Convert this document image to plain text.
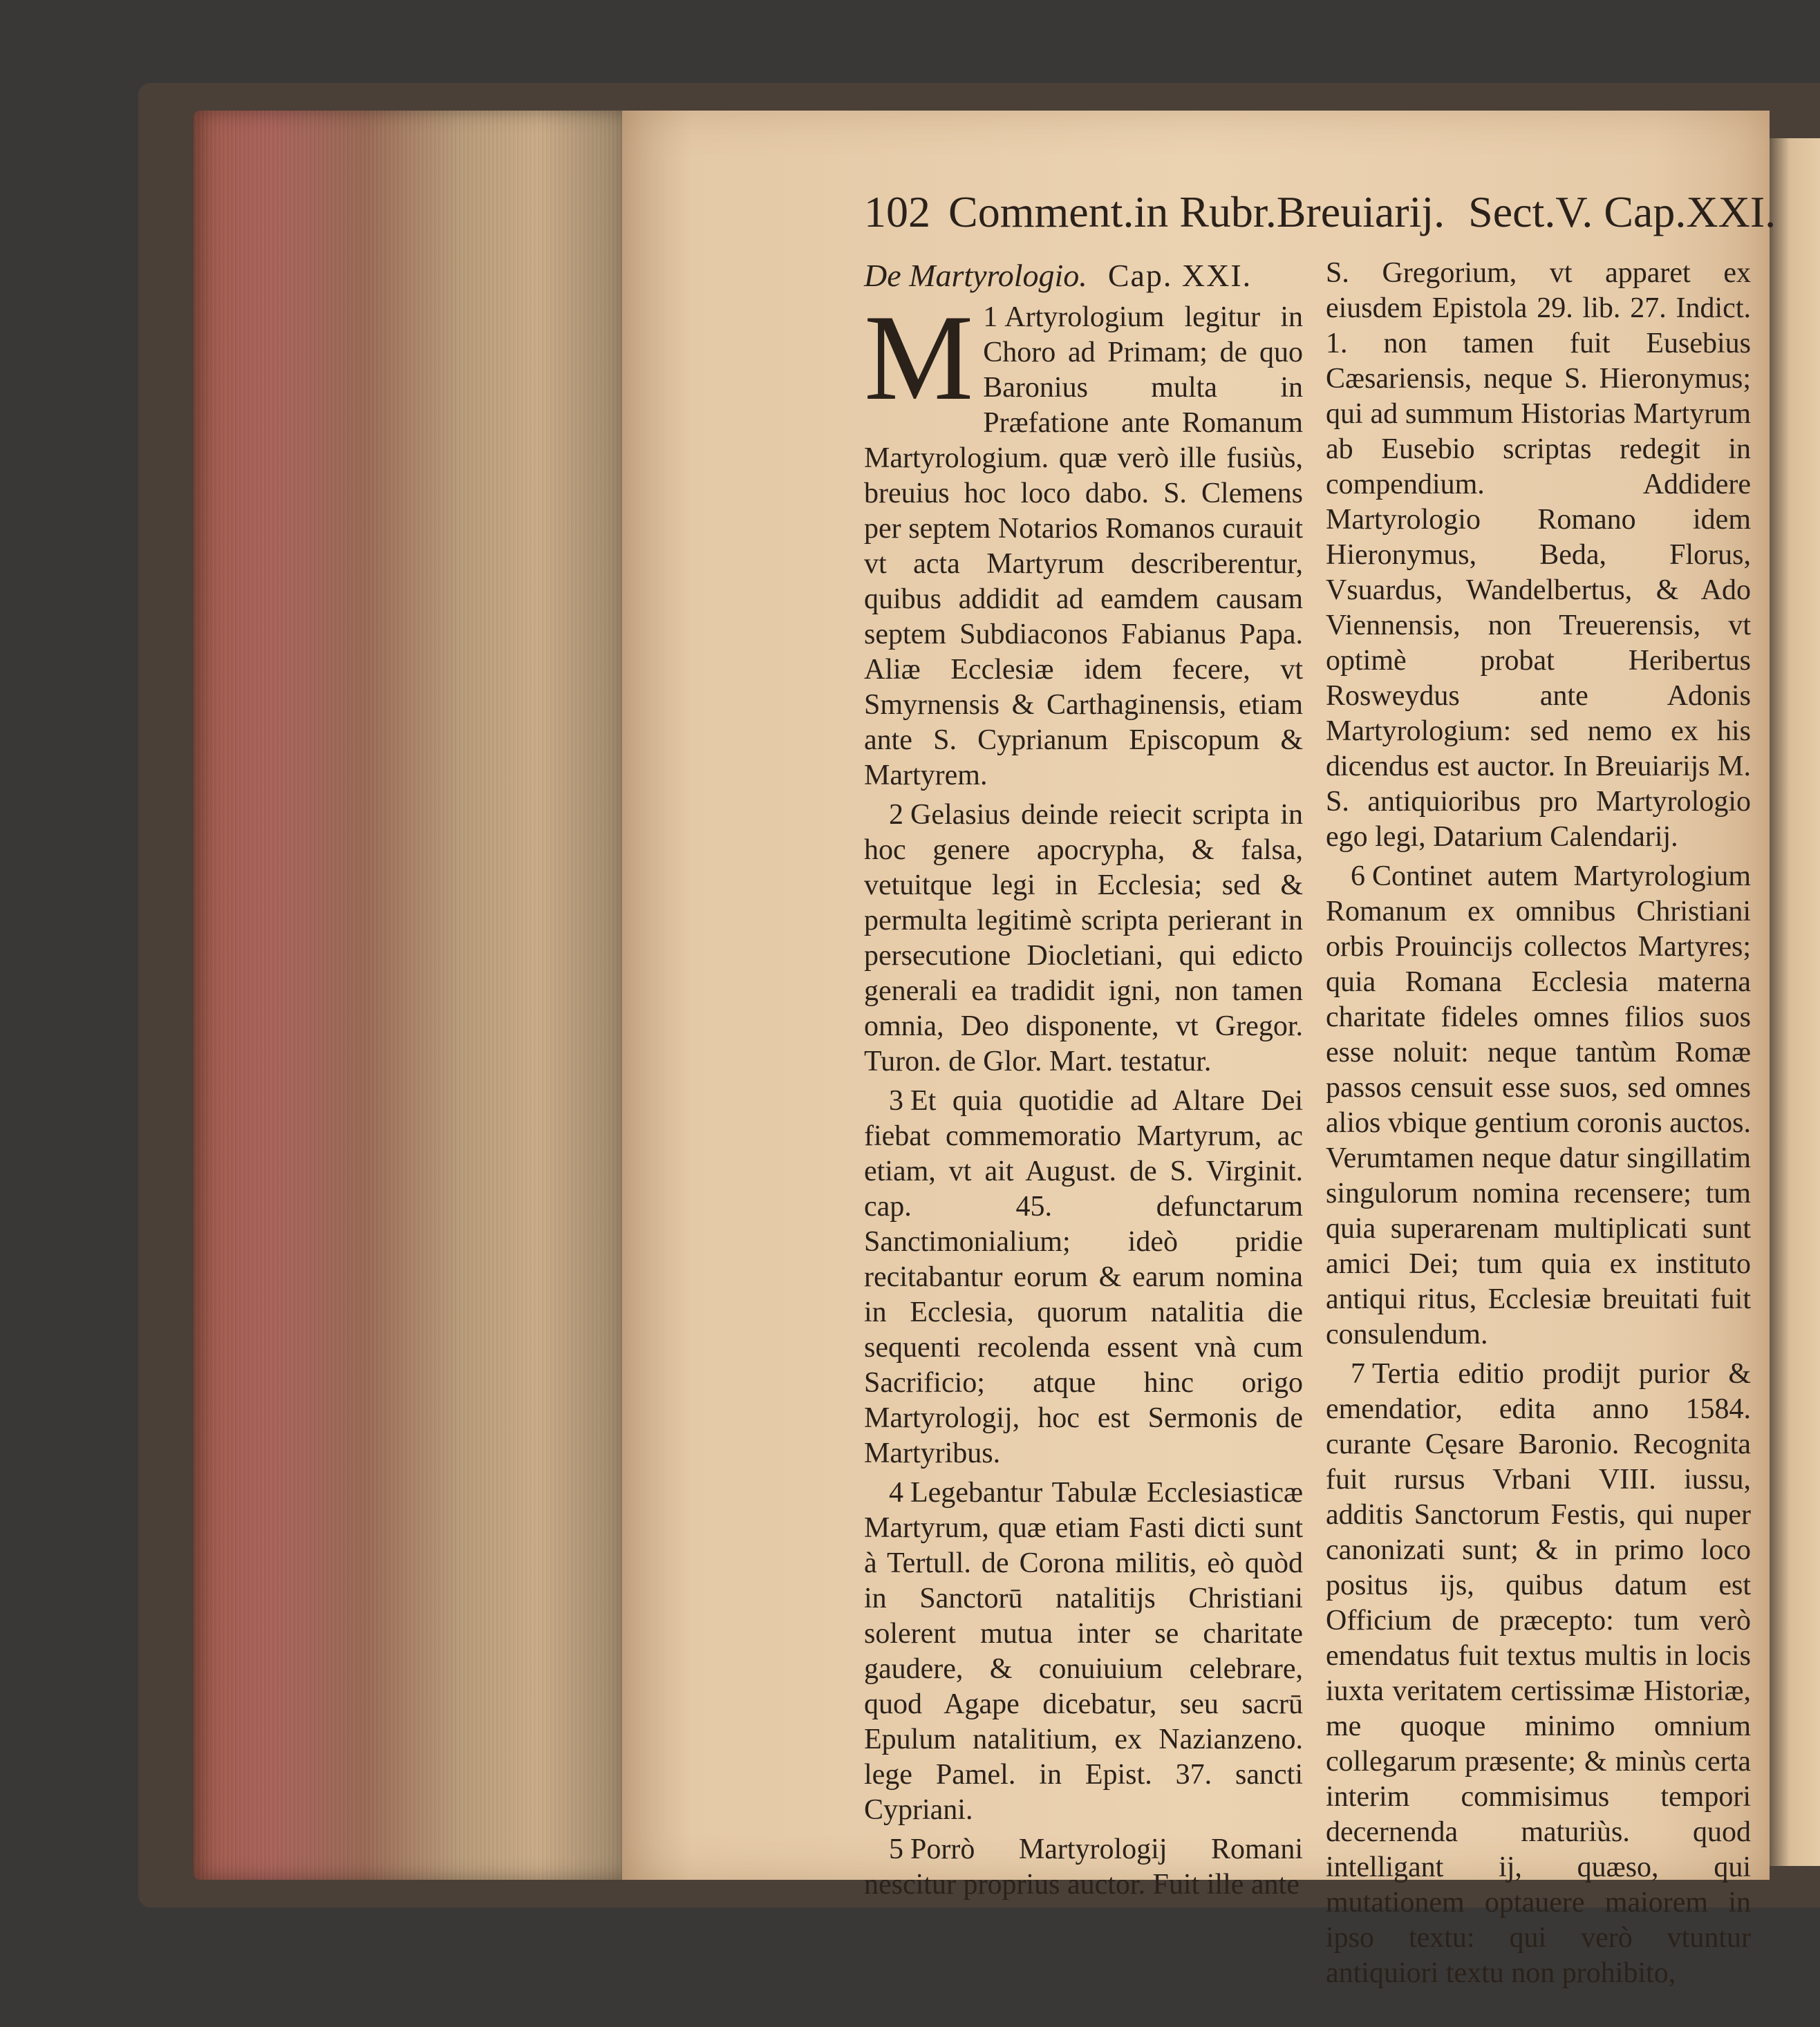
102 Comment.in Rubr.Breuiarij. Sect.V. Cap.XXI.
De Martyrologio. Cap. XXI.

1
M Artyrologium legitur in Choro ad Primam; de quo Baronius multa in Præfatione ante Romanum Martyrologium. quæ verò ille fusiùs, breuius hoc loco dabo. S. Clemens per septem Notarios Romanos curauit vt acta Martyrum describerentur, quibus addidit ad eamdem causam septem Subdiaconos Fabianus Papa. Aliæ Ecclesiæ idem fecere, vt Smyrnensis & Carthaginensis, etiam ante S. Cyprianum Episcopum & Martyrem.

2 Gelasius deinde reiecit scripta in hoc genere apocrypha, & falsa, vetuitque legi in Ecclesia; sed & permulta legitimè scripta perierant in persecutione Diocletiani, qui edicto generali ea tradidit igni, non tamen omnia, Deo disponente, vt Gregor. Turon. de Glor. Mart. testatur.

3 Et quia quotidie ad Altare Dei fiebat commemoratio Martyrum, ac etiam, vt ait August. de S. Virginit. cap. 45. defunctarum Sanctimonialium; ideò pridie recitabantur eorum & earum nomina in Ecclesia, quorum natalitia die sequenti recolenda essent vnà cum Sacrificio; atque hinc origo Martyrologij, hoc est Sermonis de Martyribus.

4 Legebantur Tabulæ Ecclesiasticæ Martyrum, quæ etiam Fasti dicti sunt à Tertull. de Corona militis, eò quòd in Sanctorū natalitijs Christiani solerent mutua inter se charitate gaudere, & conuiuium celebrare, quod Agape dicebatur, seu sacrū Epulum natalitium, ex Nazianzeno. lege Pamel. in Epist. 37. sancti Cypriani.

5 Porrò Martyrologij Romani nescitur proprius auctor. Fuit ille ante

S. Gregorium, vt apparet ex eiusdem Epistola 29. lib. 27. Indict. 1. non tamen fuit Eusebius Cæsariensis, neque S. Hieronymus; qui ad summum Historias Martyrum ab Eusebio scriptas redegit in compendium. Addidere Martyrologio Romano idem Hieronymus, Beda, Florus, Vsuardus, Wandelbertus, & Ado Viennensis, non Treuerensis, vt optimè probat Heribertus Rosweydus ante Adonis Martyrologium: sed nemo ex his dicendus est auctor. In Breuiarijs M. S. antiquioribus pro Martyrologio ego legi, Datarium Calendarij.

6 Continet autem Martyrologium Romanum ex omnibus Christiani orbis Prouincijs collectos Martyres; quia Romana Ecclesia materna charitate fideles omnes filios suos esse noluit: neque tantùm Romæ passos censuit esse suos, sed omnes alios vbique gentium coronis auctos. Verumtamen neque datur singillatim singulorum nomina recensere; tum quia superarenam multiplicati sunt amici Dei; tum quia ex instituto antiqui ritus, Ecclesiæ breuitati fuit consulendum.

7 Tertia editio prodijt purior & emendatior, edita anno 1584. curante Cęsare Baronio. Recognita fuit rursus Vrbani VIII. iussu, additis Sanctorum Festis, qui nuper canonizati sunt; & in primo loco positus ijs, quibus datum est Officium de præcepto: tum verò emendatus fuit textus multis in locis iuxta veritatem certissimæ Historiæ, me quoque minimo omnium collegarum præsente; & minùs certa interim commisimus tempori decernenda maturiùs. quod intelligant ij, quæso, qui mutationem optauere maiorem in ipso textu: qui verò vtuntur antiquiori textu non prohibito,
